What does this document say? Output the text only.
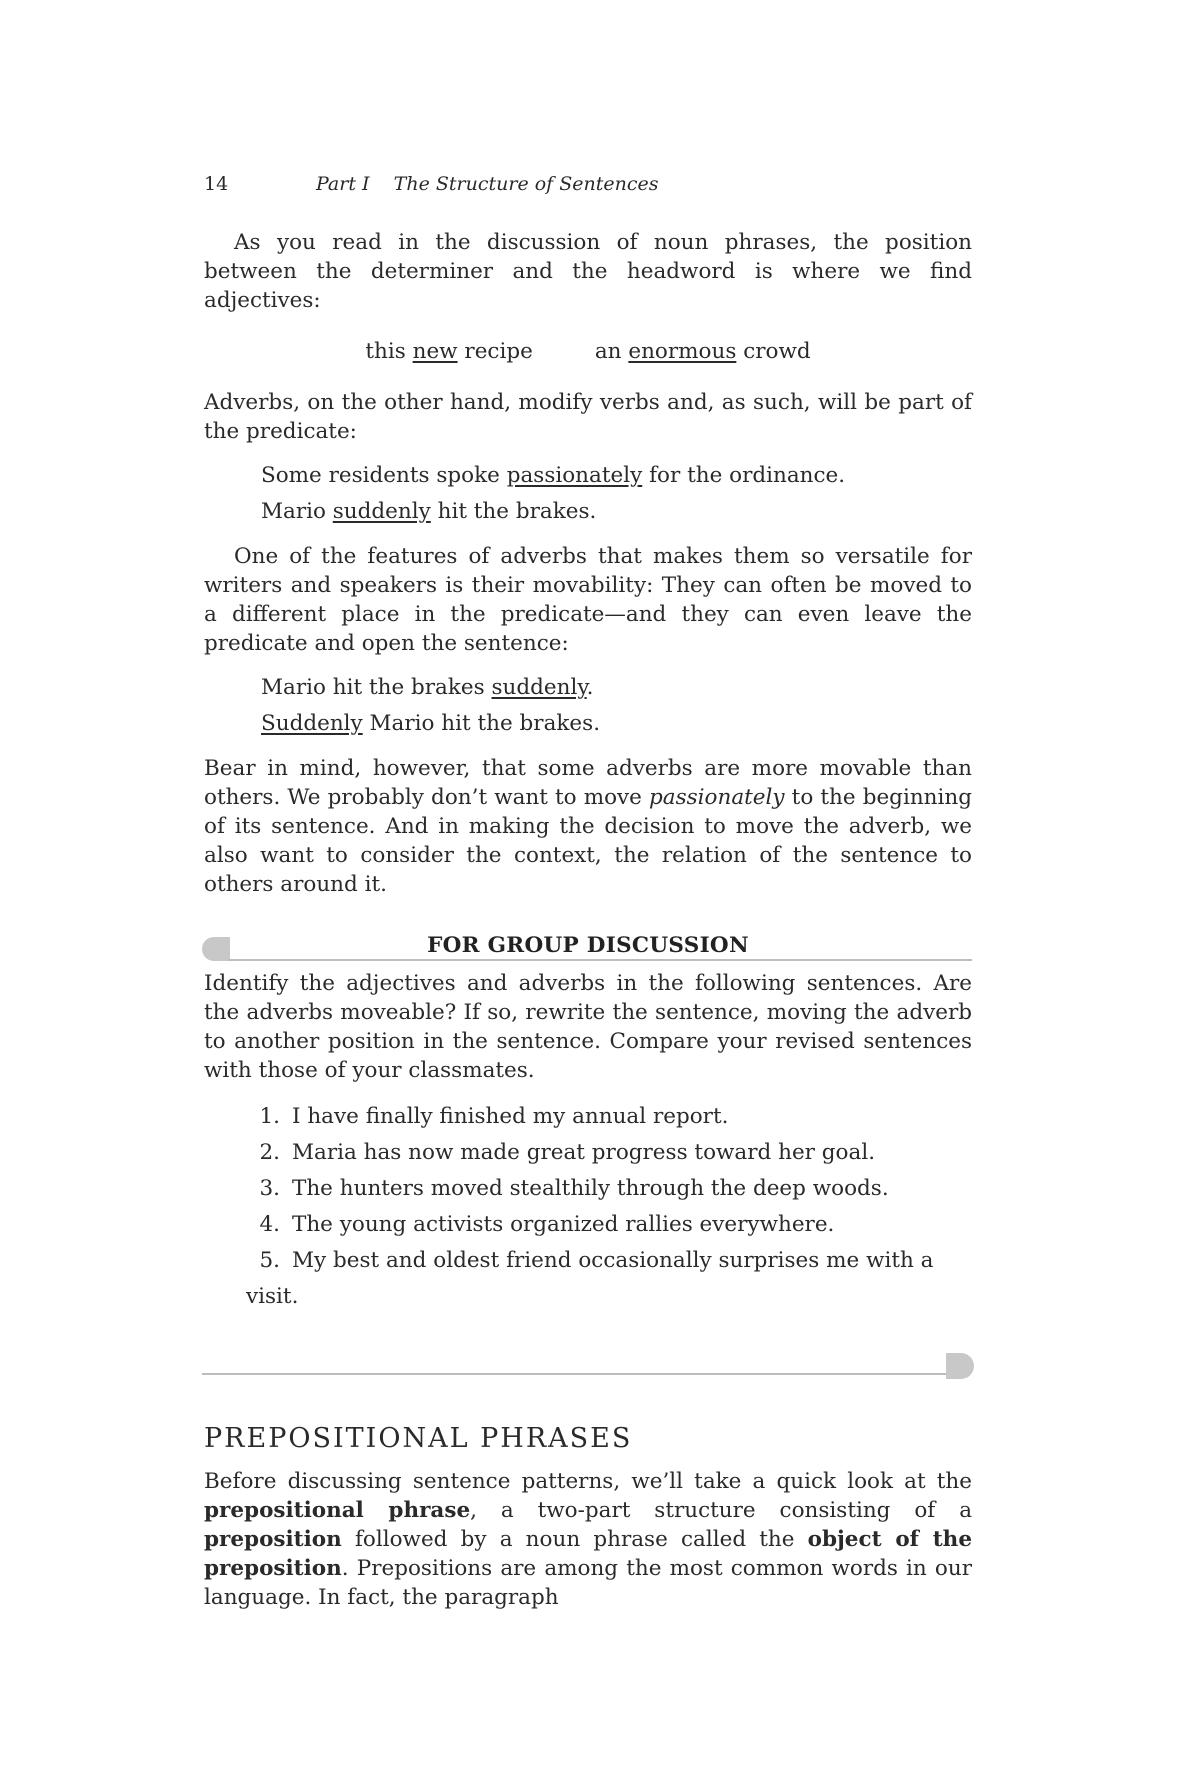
14	Part I    The Structure of Sentences

As you read in the discussion of noun phrases, the position between the determiner and the headword is where we find adjectives:

this new recipe	an enormous crowd

Adverbs, on the other hand, modify verbs and, as such, will be part of the predicate:

Some residents spoke passionately for the ordinance.

Mario suddenly hit the brakes.

One of the features of adverbs that makes them so versatile for writers and speakers is their movability: They can often be moved to a different place in the predicate—and they can even leave the predicate and open the sentence:

Mario hit the brakes suddenly.

Suddenly Mario hit the brakes.

Bear in mind, however, that some adverbs are more movable than others. We probably don’t want to move passionately to the beginning of its sentence. And in making the decision to move the adverb, we also want to consider the context, the relation of the sentence to others around it.

FOR GROUP DISCUSSION

Identify the adjectives and adverbs in the following sentences. Are the adverbs moveable? If so, rewrite the sentence, moving the adverb to another position in the sentence. Compare your revised sentences with those of your classmates.

1. I have finally finished my annual report.
2. Maria has now made great progress toward her goal.
3. The hunters moved stealthily through the deep woods.
4. The young activists organized rallies everywhere.
5. My best and oldest friend occasionally surprises me with a visit.
PREPOSITIONAL PHRASES

Before discussing sentence patterns, we’ll take a quick look at the prepositional phrase, a two-part structure consisting of a preposition followed by a noun phrase called the object of the preposition. Prepositions are among the most common words in our language. In fact, the paragraph
